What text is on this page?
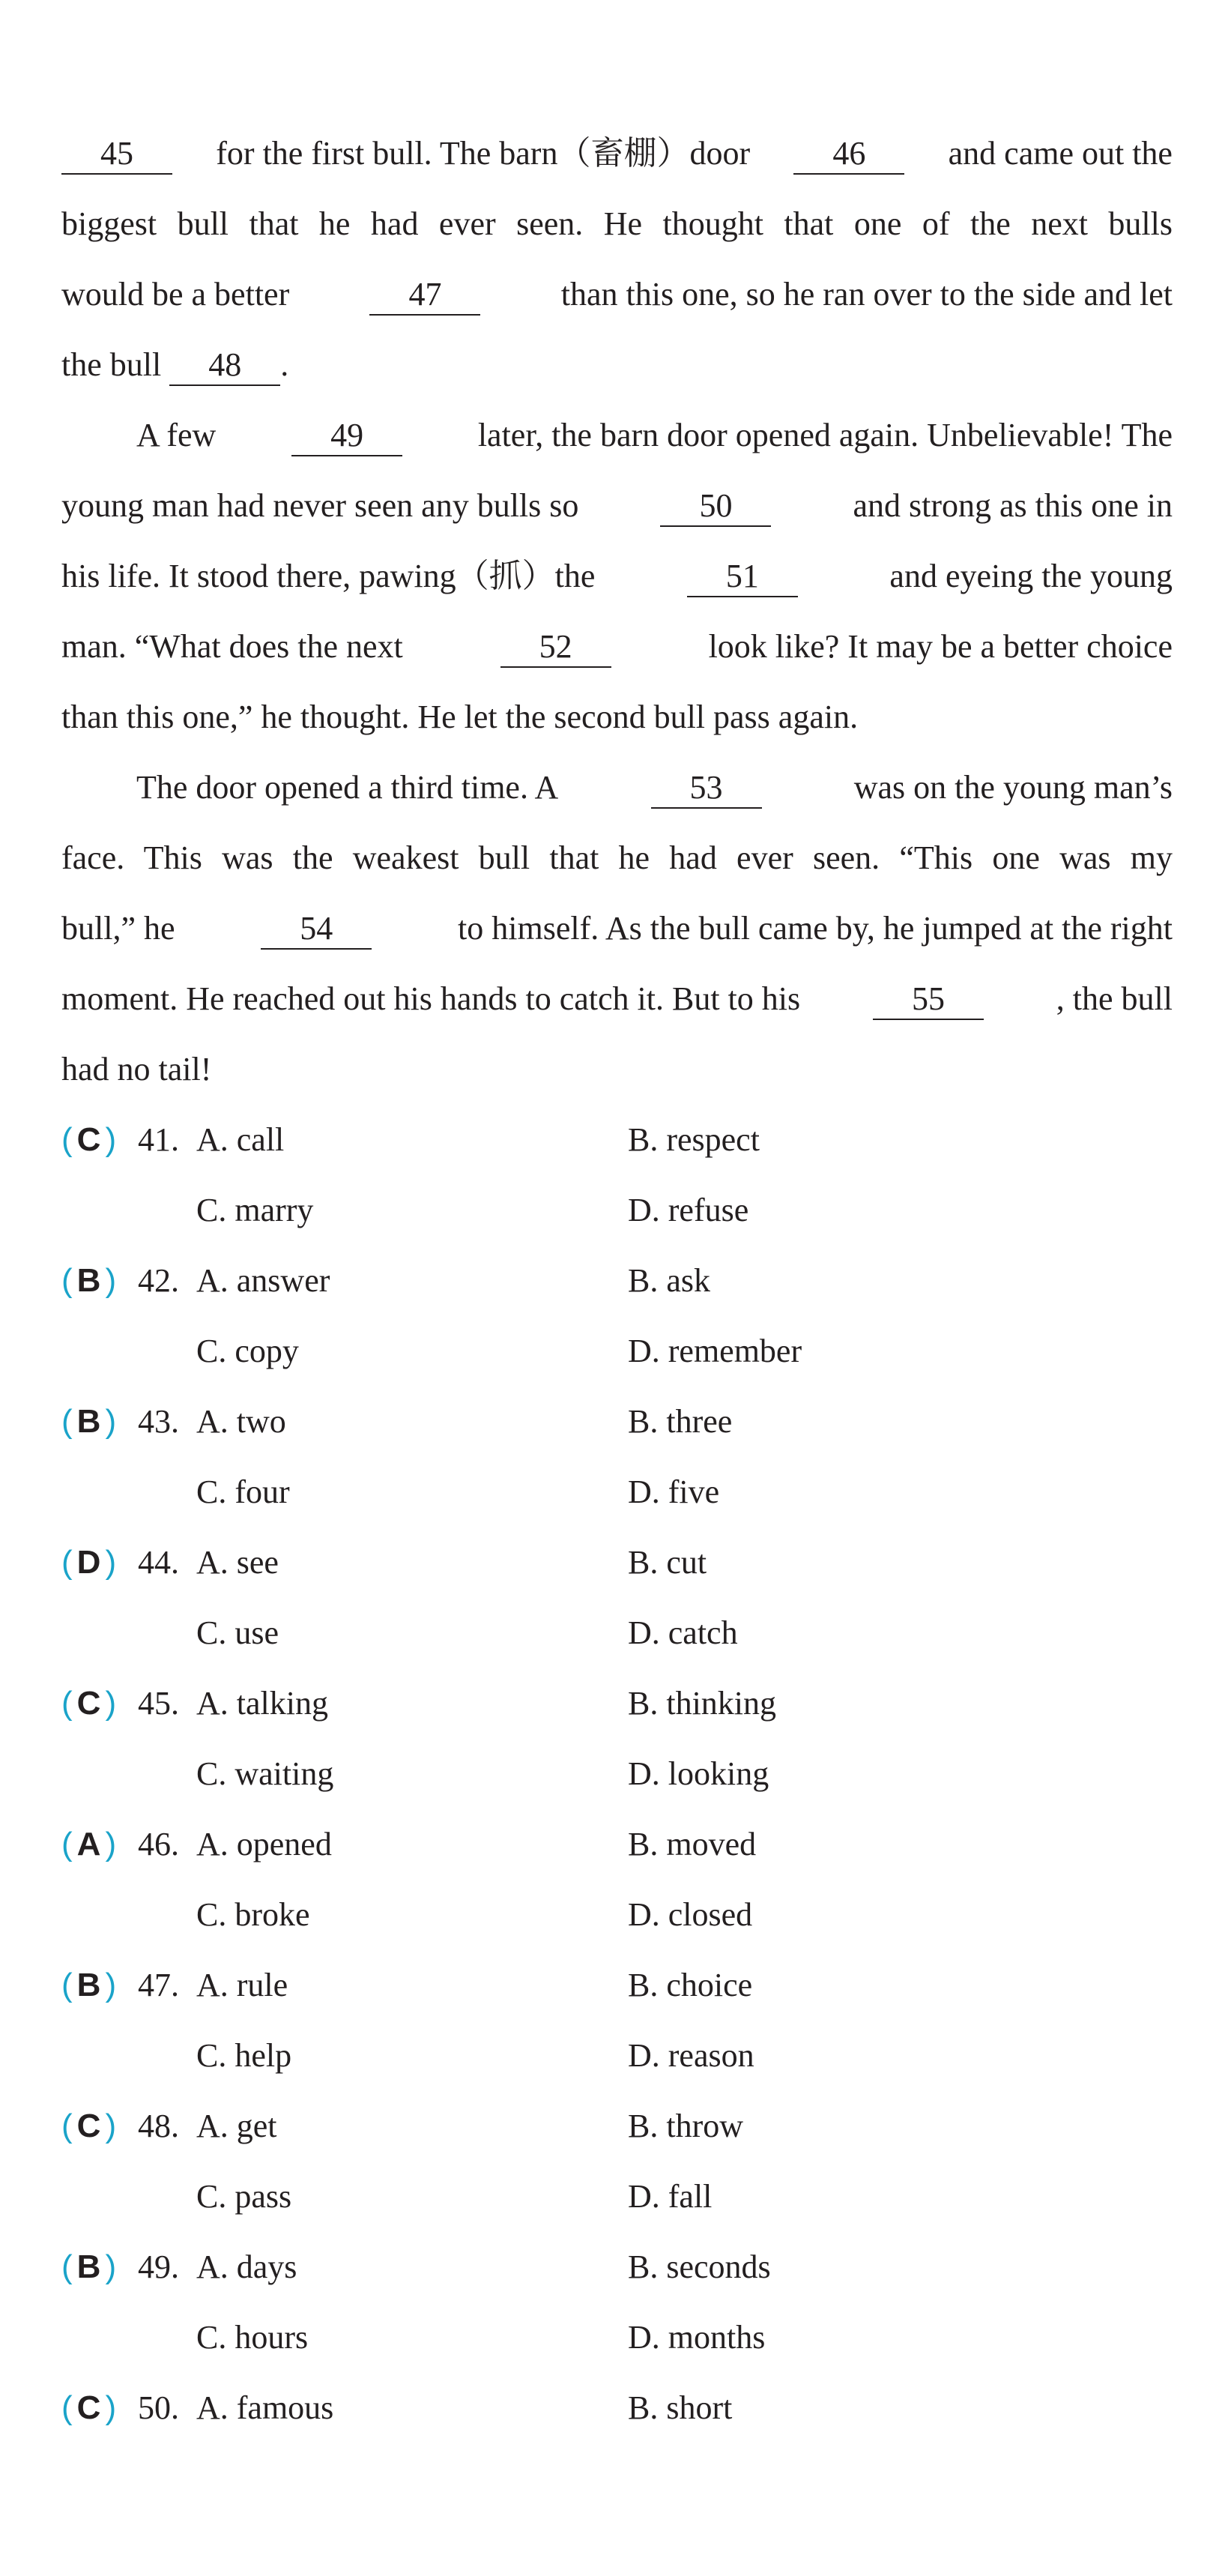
45	for the first bull. The barn（畜棚）door	46	and came out the
biggest bull that he had ever seen. He thought that one of the next bulls
would be a better	47	than this one, so he ran over to the side and let
the bull 48 .
A few	49	later, the barn door opened again. Unbelievable! The
young man had never seen any bulls so	50	and strong as this one in
his life. It stood there, pawing（抓）the	51	and eyeing the young
man. “What does the next	52	look like? It may be a better choice
than this one,” he thought. He let the second bull pass again.
The door opened a third time. A	53	was on the young man’s
face. This was the weakest bull that he had ever seen. “This one was my
bull,” he	54	to himself. As the bull came by, he jumped at the right
moment. He reached out his hands to catch it. But to his	55	, the bull
had no tail!
( C ) 41. A. call	B. respect
C. marry	D. refuse
( B ) 42. A. answer	B. ask
C. copy	D. remember
( B ) 43. A. two	B. three
C. four	D. five
( D ) 44. A. see	B. cut
C. use	D. catch
( C ) 45. A. talking	B. thinking
C. waiting	D. looking
( A ) 46. A. opened	B. moved
C. broke	D. closed
( B ) 47. A. rule	B. choice
C. help	D. reason
( C ) 48. A. get	B. throw
C. pass	D. fall
( B ) 49. A. days	B. seconds
C. hours	D. months
( C ) 50. A. famous	B. short
